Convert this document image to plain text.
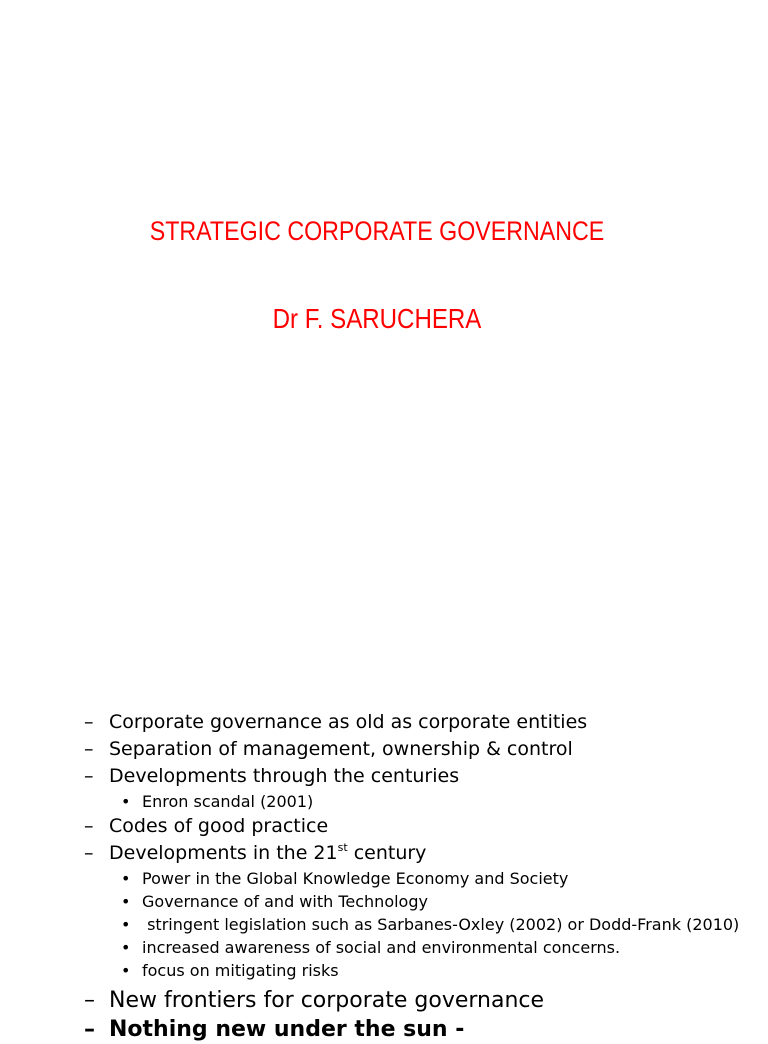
STRATEGIC CORPORATE GOVERNANCE
Dr F. SARUCHERA
– Corporate governance as old as corporate entities
– Separation of management, ownership & control
– Developments through the centuries
• Enron scandal (2001)
– Codes of good practice
– Developments in the 21st century
• Power in the Global Knowledge Economy and Society
• Governance of and with Technology
• stringent legislation such as Sarbanes-Oxley (2002) or Dodd-Frank (2010)
• increased awareness of social and environmental concerns.
• focus on mitigating risks
– New frontiers for corporate governance
– Nothing new under the sun -
